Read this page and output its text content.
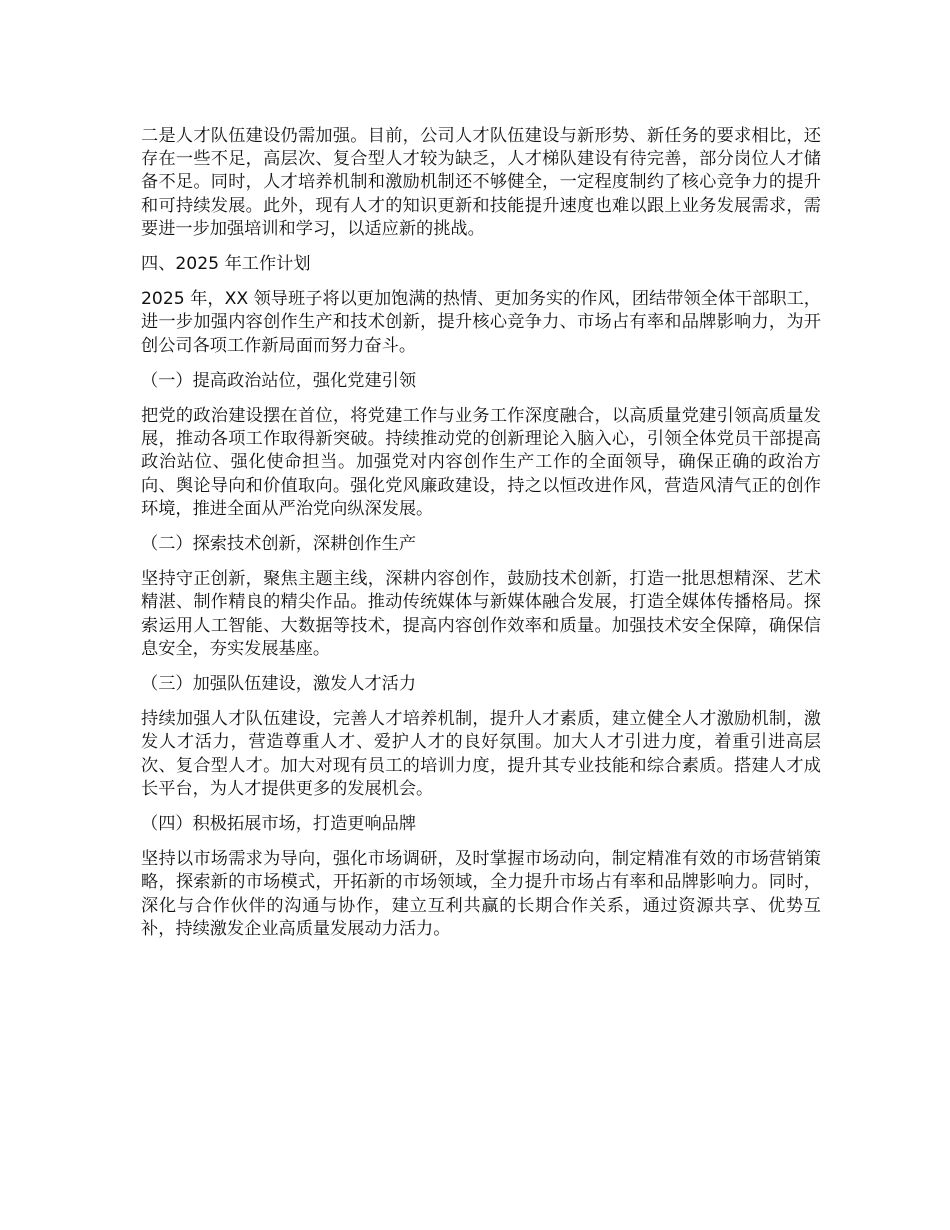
二是人才队伍建设仍需加强。目前，公司人才队伍建设与新形势、新任务的要求相比，还存在一些不足，高层次、复合型人才较为缺乏，人才梯队建设有待完善，部分岗位人才储备不足。同时，人才培养机制和激励机制还不够健全，一定程度制约了核心竞争力的提升和可持续发展。此外，现有人才的知识更新和技能提升速度也难以跟上业务发展需求，需要进一步加强培训和学习，以适应新的挑战。

四、2025 年工作计划

2025 年，XX 领导班子将以更加饱满的热情、更加务实的作风，团结带领全体干部职工，进一步加强内容创作生产和技术创新，提升核心竞争力、市场占有率和品牌影响力，为开创公司各项工作新局面而努力奋斗。

（一）提高政治站位，强化党建引领

把党的政治建设摆在首位，将党建工作与业务工作深度融合，以高质量党建引领高质量发展，推动各项工作取得新突破。持续推动党的创新理论入脑入心，引领全体党员干部提高政治站位、强化使命担当。加强党对内容创作生产工作的全面领导，确保正确的政治方向、舆论导向和价值取向。强化党风廉政建设，持之以恒改进作风，营造风清气正的创作环境，推进全面从严治党向纵深发展。

（二）探索技术创新，深耕创作生产

坚持守正创新，聚焦主题主线，深耕内容创作，鼓励技术创新，打造一批思想精深、艺术精湛、制作精良的精尖作品。推动传统媒体与新媒体融合发展，打造全媒体传播格局。探索运用人工智能、大数据等技术，提高内容创作效率和质量。加强技术安全保障，确保信息安全，夯实发展基座。

（三）加强队伍建设，激发人才活力

持续加强人才队伍建设，完善人才培养机制，提升人才素质，建立健全人才激励机制，激发人才活力，营造尊重人才、爱护人才的良好氛围。加大人才引进力度，着重引进高层次、复合型人才。加大对现有员工的培训力度，提升其专业技能和综合素质。搭建人才成长平台，为人才提供更多的发展机会。

（四）积极拓展市场，打造更响品牌

坚持以市场需求为导向，强化市场调研，及时掌握市场动向，制定精准有效的市场营销策略，探索新的市场模式，开拓新的市场领域，全力提升市场占有率和品牌影响力。同时，深化与合作伙伴的沟通与协作，建立互利共赢的长期合作关系，通过资源共享、优势互补，持续激发企业高质量发展动力活力。
